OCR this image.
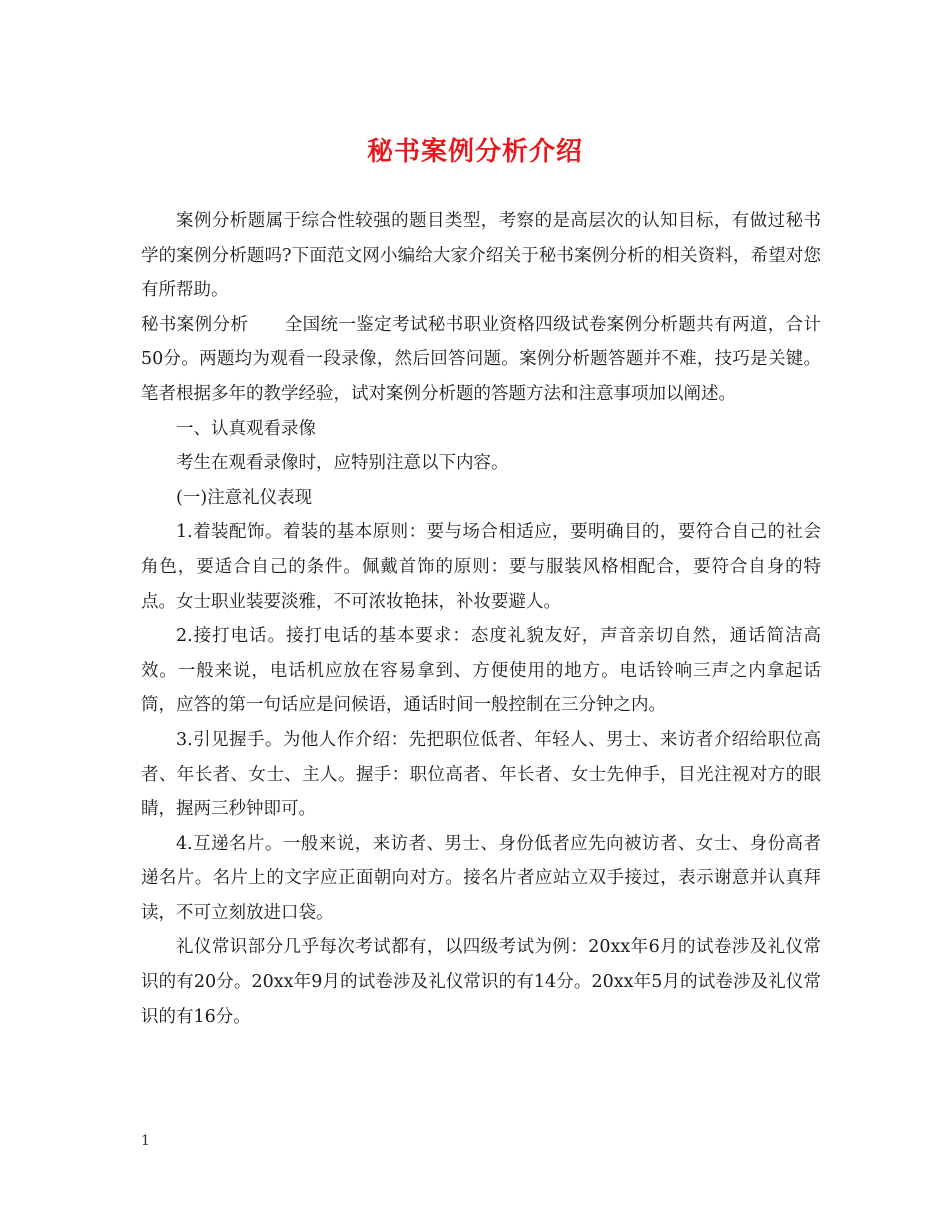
秘书案例分析介绍

案例分析题属于综合性较强的题目类型，考察的是高层次的认知目标，有做过秘书学的案例分析题吗?下面范文网小编给大家介绍关于秘书案例分析的相关资料，希望对您有所帮助。

秘书案例分析 全国统一鉴定考试秘书职业资格四级试卷案例分析题共有两道，合计50分。两题均为观看一段录像，然后回答问题。案例分析题答题并不难，技巧是关键。笔者根据多年的教学经验，试对案例分析题的答题方法和注意事项加以阐述。

一、认真观看录像

考生在观看录像时，应特别注意以下内容。

(一)注意礼仪表现

1.着装配饰。着装的基本原则：要与场合相适应，要明确目的，要符合自己的社会角色，要适合自己的条件。佩戴首饰的原则：要与服装风格相配合，要符合自身的特点。女士职业装要淡雅，不可浓妆艳抹，补妆要避人。

2.接打电话。接打电话的基本要求：态度礼貌友好，声音亲切自然，通话简洁高效。一般来说，电话机应放在容易拿到、方便使用的地方。电话铃响三声之内拿起话筒，应答的第一句话应是问候语，通话时间一般控制在三分钟之内。

3.引见握手。为他人作介绍：先把职位低者、年轻人、男士、来访者介绍给职位高者、年长者、女士、主人。握手：职位高者、年长者、女士先伸手，目光注视对方的眼睛，握两三秒钟即可。

4.互递名片。一般来说，来访者、男士、身份低者应先向被访者、女士、身份高者递名片。名片上的文字应正面朝向对方。接名片者应站立双手接过，表示谢意并认真拜读，不可立刻放进口袋。

礼仪常识部分几乎每次考试都有，以四级考试为例：20xx年6月的试卷涉及礼仪常识的有20分。20xx年9月的试卷涉及礼仪常识的有14分。20xx年5月的试卷涉及礼仪常识的有16分。

1
